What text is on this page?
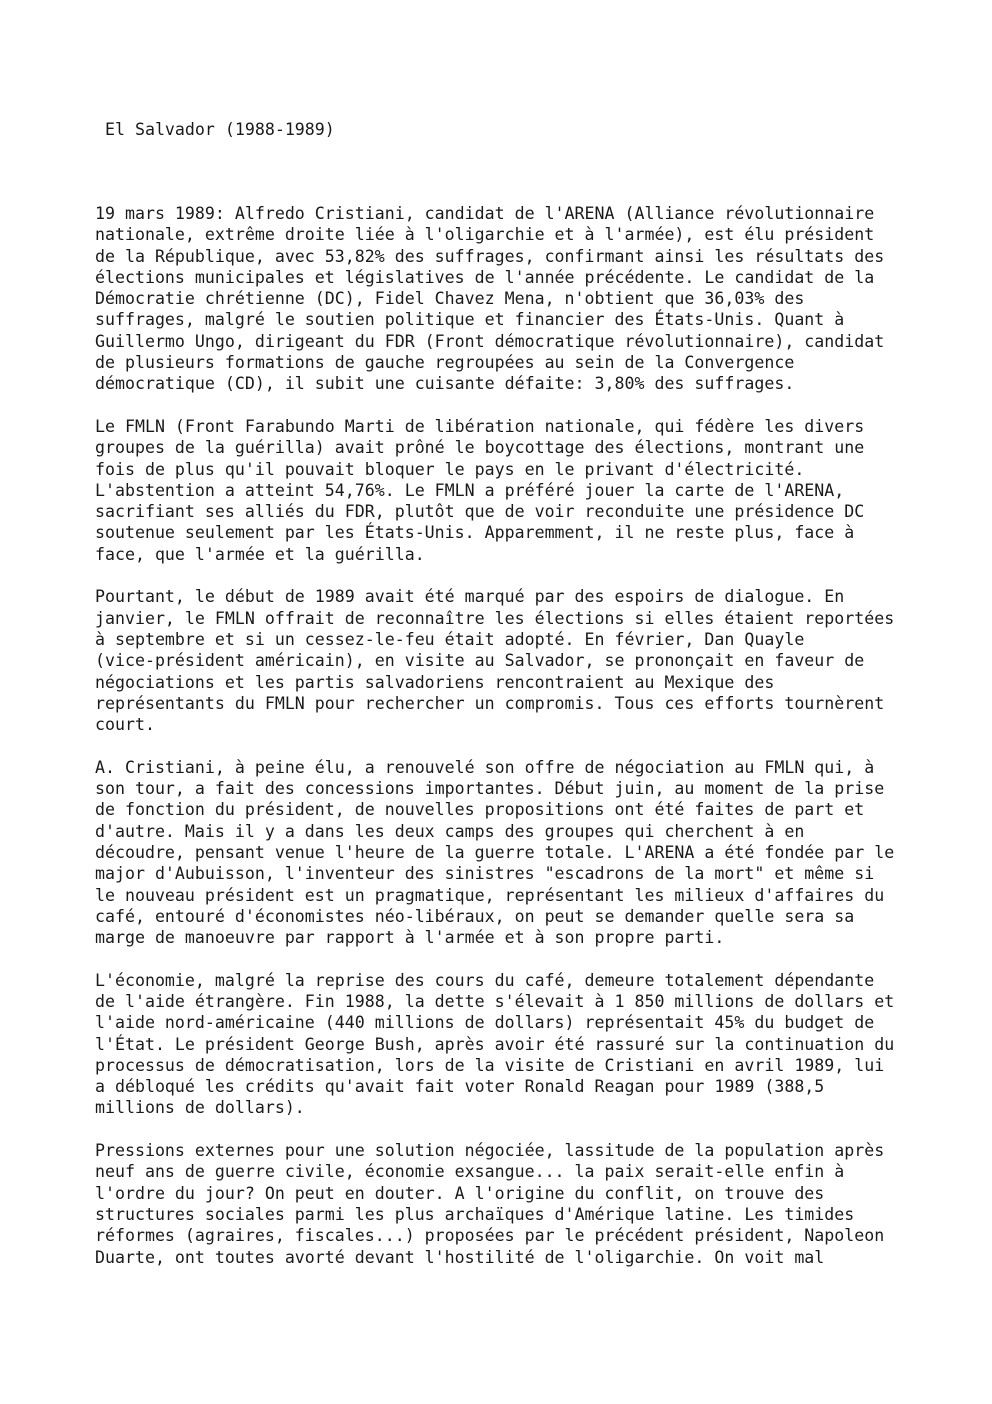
El Salvador (1988-1989)

19 mars 1989: Alfredo Cristiani, candidat de l'ARENA (Alliance révolutionnaire
nationale, extrême droite liée à l'oligarchie et à l'armée), est élu président
de la République, avec 53,82% des suffrages, confirmant ainsi les résultats des
élections municipales et législatives de l'année précédente. Le candidat de la
Démocratie chrétienne (DC), Fidel Chavez Mena, n'obtient que 36,03% des
suffrages, malgré le soutien politique et financier des États-Unis. Quant à
Guillermo Ungo, dirigeant du FDR (Front démocratique révolutionnaire), candidat
de plusieurs formations de gauche regroupées au sein de la Convergence
démocratique (CD), il subit une cuisante défaite: 3,80% des suffrages.

Le FMLN (Front Farabundo Marti de libération nationale, qui fédère les divers
groupes de la guérilla) avait prôné le boycottage des élections, montrant une
fois de plus qu'il pouvait bloquer le pays en le privant d'électricité.
L'abstention a atteint 54,76%. Le FMLN a préféré jouer la carte de l'ARENA,
sacrifiant ses alliés du FDR, plutôt que de voir reconduite une présidence DC
soutenue seulement par les États-Unis. Apparemment, il ne reste plus, face à
face, que l'armée et la guérilla.

Pourtant, le début de 1989 avait été marqué par des espoirs de dialogue. En
janvier, le FMLN offrait de reconnaître les élections si elles étaient reportées
à septembre et si un cessez-le-feu était adopté. En février, Dan Quayle
(vice-président américain), en visite au Salvador, se prononçait en faveur de
négociations et les partis salvadoriens rencontraient au Mexique des
représentants du FMLN pour rechercher un compromis. Tous ces efforts tournèrent
court.

A. Cristiani, à peine élu, a renouvelé son offre de négociation au FMLN qui, à
son tour, a fait des concessions importantes. Début juin, au moment de la prise
de fonction du président, de nouvelles propositions ont été faites de part et
d'autre. Mais il y a dans les deux camps des groupes qui cherchent à en
découdre, pensant venue l'heure de la guerre totale. L'ARENA a été fondée par le
major d'Aubuisson, l'inventeur des sinistres "escadrons de la mort" et même si
le nouveau président est un pragmatique, représentant les milieux d'affaires du
café, entouré d'économistes néo-libéraux, on peut se demander quelle sera sa
marge de manoeuvre par rapport à l'armée et à son propre parti.

L'économie, malgré la reprise des cours du café, demeure totalement dépendante
de l'aide étrangère. Fin 1988, la dette s'élevait à 1 850 millions de dollars et
l'aide nord-américaine (440 millions de dollars) représentait 45% du budget de
l'État. Le président George Bush, après avoir été rassuré sur la continuation du
processus de démocratisation, lors de la visite de Cristiani en avril 1989, lui
a débloqué les crédits qu'avait fait voter Ronald Reagan pour 1989 (388,5
millions de dollars).

Pressions externes pour une solution négociée, lassitude de la population après
neuf ans de guerre civile, économie exsangue... la paix serait-elle enfin à
l'ordre du jour? On peut en douter. A l'origine du conflit, on trouve des
structures sociales parmi les plus archaïques d'Amérique latine. Les timides
réformes (agraires, fiscales...) proposées par le précédent président, Napoleon
Duarte, ont toutes avorté devant l'hostilité de l'oligarchie. On voit mal
